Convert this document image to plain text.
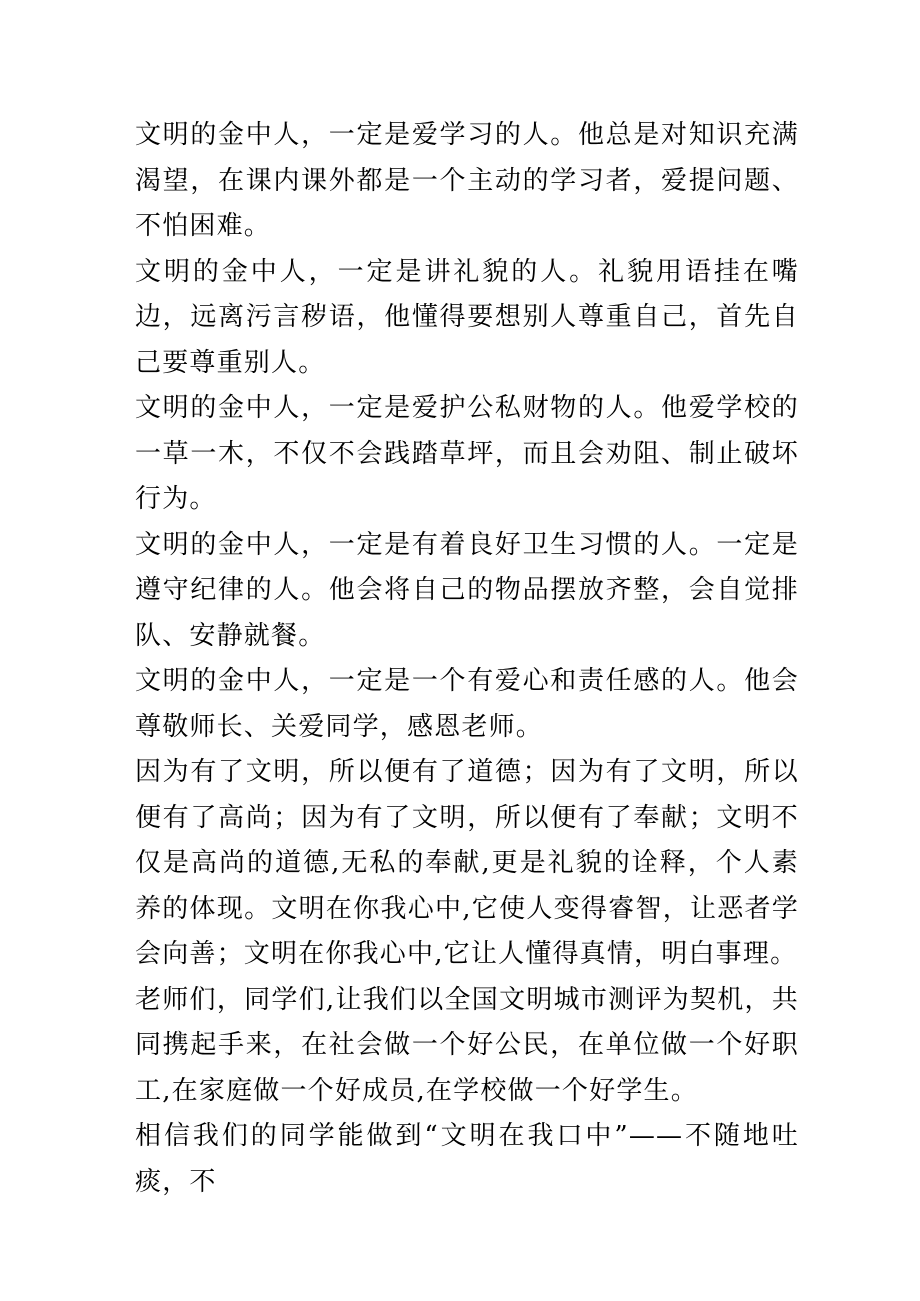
文明的金中人，一定是爱学习的人。他总是对知识充满渴望，在课内课外都是一个主动的学习者，爱提问题、不怕困难。

文明的金中人，一定是讲礼貌的人。礼貌用语挂在嘴边，远离污言秽语，他懂得要想别人尊重自己，首先自己要尊重别人。

文明的金中人，一定是爱护公私财物的人。他爱学校的一草一木，不仅不会践踏草坪，而且会劝阻、制止破坏行为。

文明的金中人，一定是有着良好卫生习惯的人。一定是遵守纪律的人。他会将自己的物品摆放齐整，会自觉排队、安静就餐。

文明的金中人，一定是一个有爱心和责任感的人。他会尊敬师长、关爱同学，感恩老师。

因为有了文明，所以便有了道德；因为有了文明，所以便有了高尚；因为有了文明，所以便有了奉献；文明不仅是高尚的道德,无私的奉献,更是礼貌的诠释，个人素养的体现。文明在你我心中,它使人变得睿智，让恶者学会向善；文明在你我心中,它让人懂得真情，明白事理。

老师们，同学们,让我们以全国文明城市测评为契机，共同携起手来，在社会做一个好公民，在单位做一个好职工,在家庭做一个好成员,在学校做一个好学生。

相信我们的同学能做到“文明在我口中”——不随地吐痰，不
